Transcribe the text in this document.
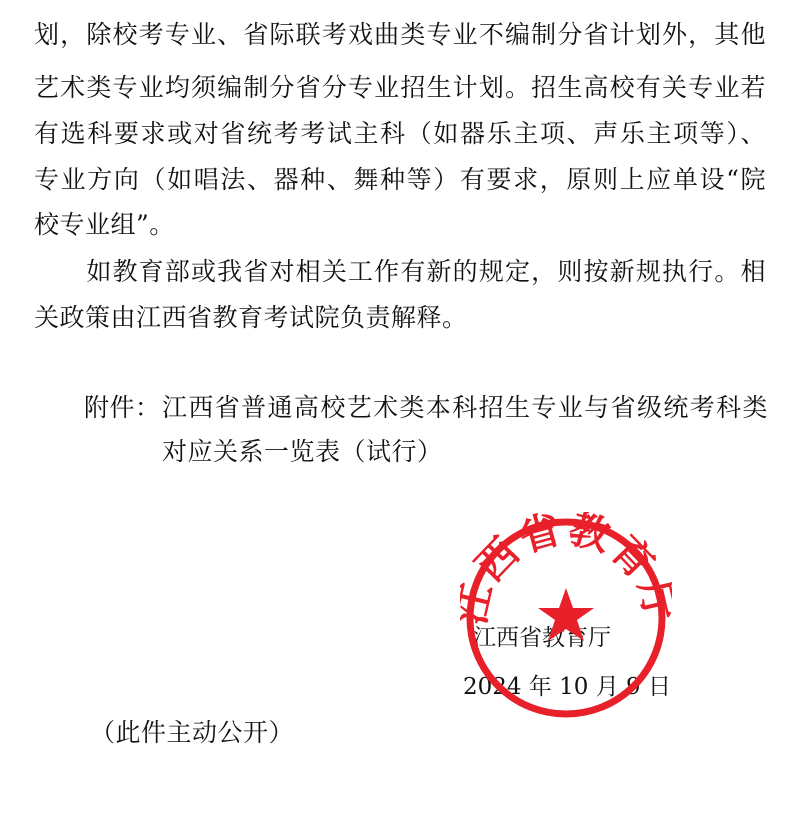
划，除校考专业、省际联考戏曲类专业不编制分省计划外，其他
艺术类专业均须编制分省分专业招生计划。招生高校有关专业若
有选科要求或对省统考考试主科（如器乐主项、声乐主项等）、
专业方向（如唱法、器种、舞种等）有要求，原则上应单设“院
校专业组”。
　　如教育部或我省对相关工作有新的规定，则按新规执行。相
关政策由江西省教育考试院负责解释。
附件： 江西省普通高校艺术类本科招生专业与省级统考科类
对应关系一览表（试行）
江西省教育厅
2024 年 10 月 9 日
西省教育
（此件主动公开）
